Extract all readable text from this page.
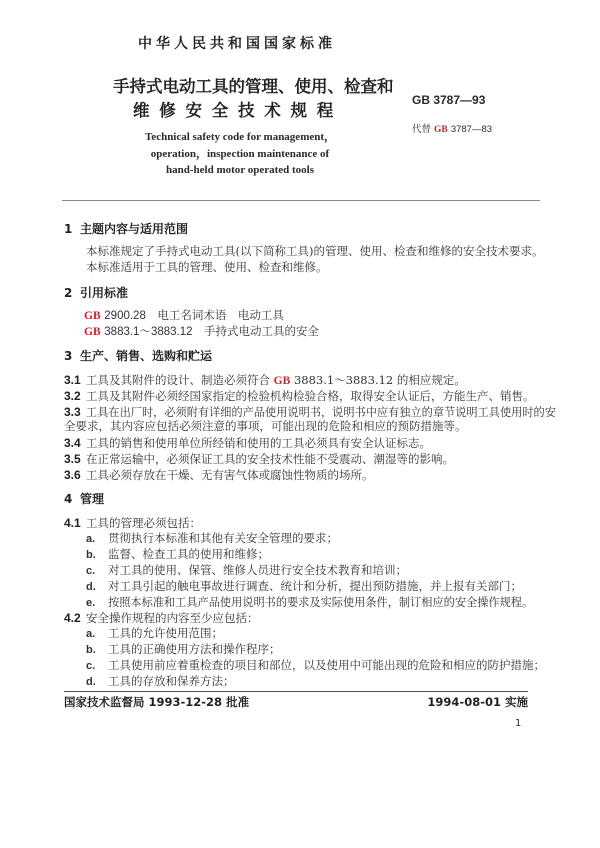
中华人民共和国国家标准
手持式电动工具的管理、使用、检查和
维 修 安 全 技 术 规 程
GB 3787—93
代替 GB 3787—83
Technical safety code for management，
operation，inspection maintenance of
hand-held motor operated tools
1 主题内容与适用范围
本标准规定了手持式电动工具(以下简称工具)的管理、使用、检查和维修的安全技术要求。
本标准适用于工具的管理、使用、检查和维修。
2 引用标准
GB 2900.28　 电工名词术语　电动工具
GB 3883.1～3883.12　 手持式电动工具的安全
3 生产、销售、选购和贮运
3.1 工具及其附件的设计、制造必须符合 GB 3883.1～3883.12 的相应规定。
3.2 工具及其附件必须经国家指定的检验机构检验合格，取得安全认证后，方能生产、销售。
3.3 工具在出厂时，必须附有详细的产品使用说明书，说明书中应有独立的章节说明工具使用时的安
全要求，其内容应包括必须注意的事项，可能出现的危险和相应的预防措施等。
3.4 工具的销售和使用单位所经销和使用的工具必须具有安全认证标志。
3.5 在正常运输中，必须保证工具的安全技术性能不受震动、潮湿等的影响。
3.6 工具必须存放在干燥、无有害气体或腐蚀性物质的场所。
4 管理
4.1 工具的管理必须包括：
a. 贯彻执行本标准和其他有关安全管理的要求；
b. 监督、检查工具的使用和维修；
c. 对工具的使用、保管、维修人员进行安全技术教育和培训；
d. 对工具引起的触电事故进行调查、统计和分析，提出预防措施，并上报有关部门；
e. 按照本标准和工具产品使用说明书的要求及实际使用条件，制订相应的安全操作规程。
4.2 安全操作规程的内容至少应包括：
a. 工具的允许使用范围；
b. 工具的正确使用方法和操作程序；
c. 工具使用前应着重检查的项目和部位，以及使用中可能出现的危险和相应的防护措施；
d. 工具的存放和保养方法；
国家技术监督局 1993-12-28 批准	1994-08-01 实施
1
